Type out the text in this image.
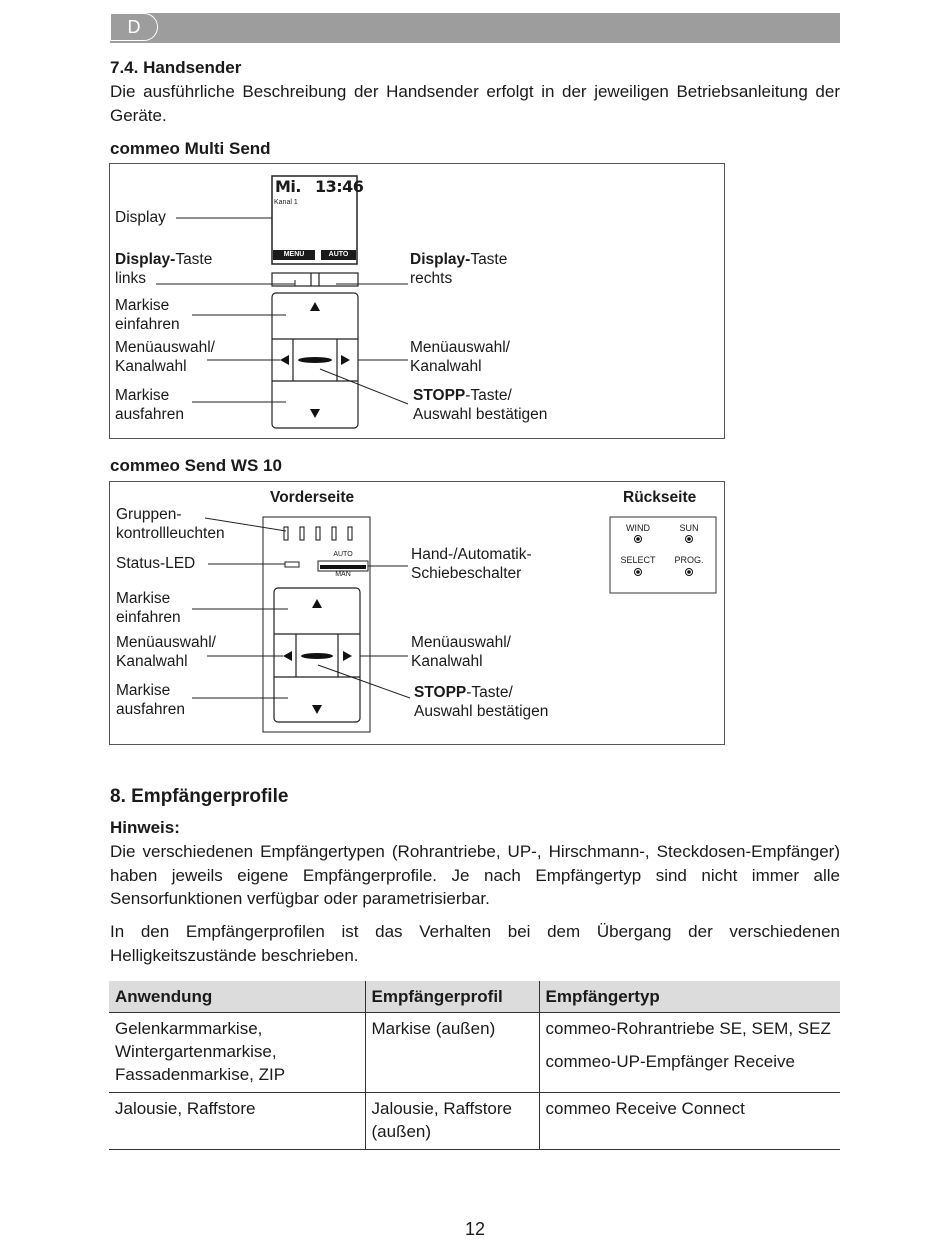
D
7.4. Handsender
Die ausführliche Beschreibung der Handsender erfolgt in der jeweiligen Betriebsanleitung der Geräte.
commeo Multi Send
Mi. 13:46
Kanal 1
MENU	AUTO
Display
Display-Taste
links
Display-Taste
rechts
Markise
einfahren
Menüauswahl/
Kanalwahl
Menüauswahl/
Kanalwahl
Markise
ausfahren
STOPP-Taste/
Auswahl bestätigen
commeo Send WS 10
Vorderseite	Rückseite
AUTO
MAN
WIND	SUN
SELECT	PROG.
Gruppen-
kontrollleuchten
Status-LED
Hand-/Automatik-
Schiebeschalter
Markise
einfahren
Menüauswahl/
Kanalwahl
Menüauswahl/
Kanalwahl
Markise
ausfahren
STOPP-Taste/
Auswahl bestätigen
8. Empfängerprofile
Hinweis:
Die verschiedenen Empfängertypen (Rohrantriebe, UP-, Hirschmann-, Steckdosen-Empfänger) haben jeweils eigene Empfängerprofile. Je nach Empfängertyp sind nicht immer alle Sensorfunktionen verfügbar oder parametrisierbar.
In den Empfängerprofilen ist das Verhalten bei dem Übergang der verschiedenen Helligkeitszustände beschrieben.
Anwendung	Empfängerprofil	Empfängertyp

Gelenkarmmarkise, Wintergartenmarkise, Fassadenmarkise, ZIP	Markise (außen)	commeo-Rohrantriebe SE, SEM, SEZ
commeo-UP-Empfänger Receive

Jalousie, Raffstore	Jalousie, Raffstore (außen)	commeo Receive Connect
12
